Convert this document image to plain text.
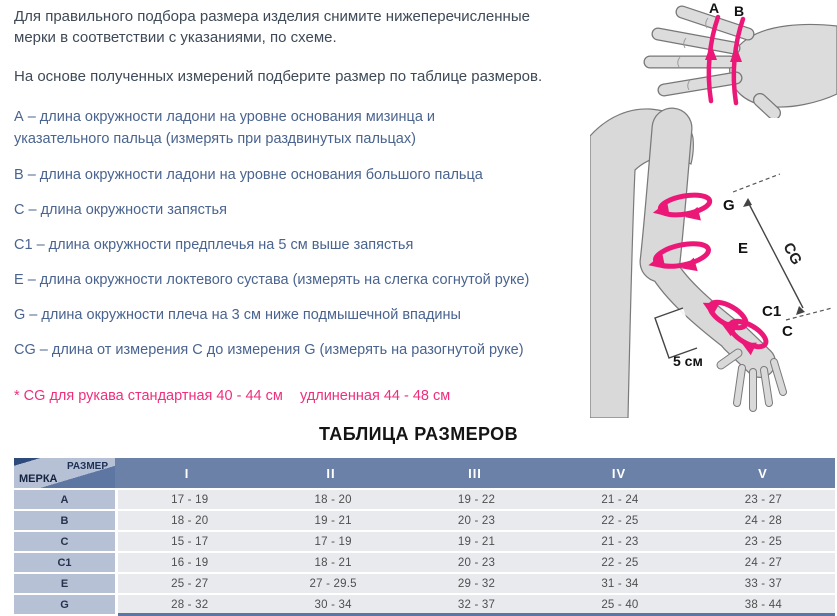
Для правильного подбора размера изделия снимите нижеперечисленные мерки в соответствии с указаниями, по схеме.
На основе полученных измерений подберите размер по таблице размеров.
А – длина окружности ладони на уровне основания мизинца и указательного пальца (измерять при раздвинутых пальцах)
В – длина окружности ладони на уровне основания большого пальца
С – длина окружности запястья
С1 – длина окружности предплечья на 5 см выше запястья
Е – длина окружности локтевого сустава (измерять на слегка согнутой руке)
G – длина окружности плеча на 3 см ниже подмышечной впадины
CG – длина от измерения С до измерения G (измерять на разогнутой руке)
* CG для рукава стандартная 40 - 44 см удлиненная 44 - 48 см
A B
G
E
C1
C
CG
5 см
ТАБЛИЦА РАЗМЕРОВ
РАЗМЕР
МЕРКА	I	II	III	IV	V
А	17 - 19	18 - 20	19 - 22	21 - 24	23 - 27
В	18 - 20	19 - 21	20 - 23	22 - 25	24 - 28
С	15 - 17	17 - 19	19 - 21	21 - 23	23 - 25
С1	16 - 19	18 - 21	20 - 23	22 - 25	24 - 27
Е	25 - 27	27 - 29.5	29 - 32	31 - 34	33 - 37
G	28 - 32	30 - 34	32 - 37	25 - 40	38 - 44
